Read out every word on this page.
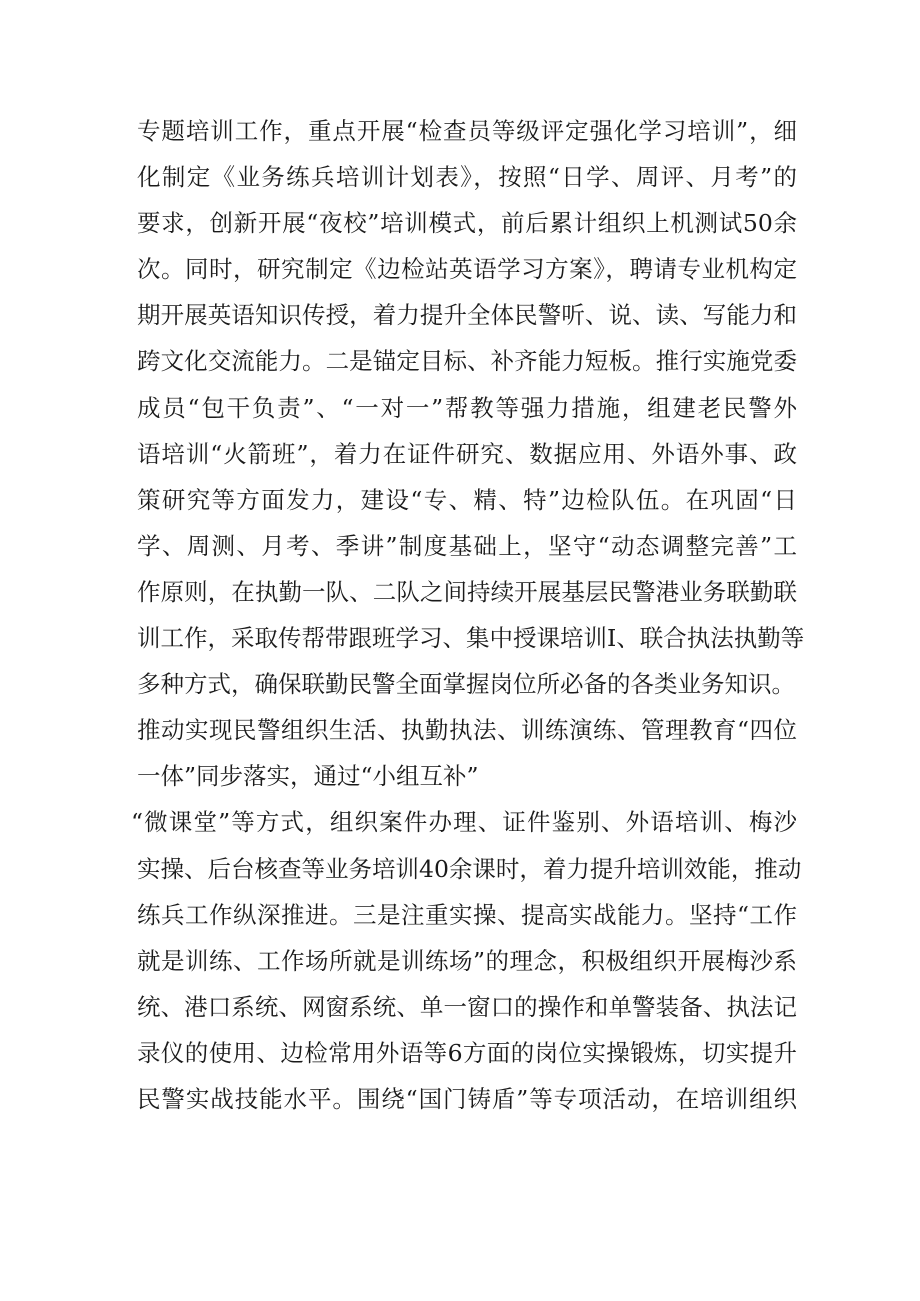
专题培训工作，重点开展“检查员等级评定强化学习培训”，细
化制定《业务练兵培训计划表》，按照“日学、周评、月考”的
要求，创新开展“夜校”培训模式，前后累计组织上机测试50余
次。同时，研究制定《边检站英语学习方案》，聘请专业机构定
期开展英语知识传授，着力提升全体民警听、说、读、写能力和
跨文化交流能力。二是锚定目标、补齐能力短板。推行实施党委
成员“包干负责”、“一对一”帮教等强力措施，组建老民警外
语培训“火箭班”，着力在证件研究、数据应用、外语外事、政
策研究等方面发力，建设“专、精、特”边检队伍。在巩固“日
学、周测、月考、季讲”制度基础上，坚守“动态调整完善”工
作原则，在执勤一队、二队之间持续开展基层民警港业务联勤联
训工作，采取传帮带跟班学习、集中授课培训I、联合执法执勤等
多种方式，确保联勤民警全面掌握岗位所必备的各类业务知识。
推动实现民警组织生活、执勤执法、训练演练、管理教育“四位
一体”同步落实，通过“小组互补”
“微课堂”等方式，组织案件办理、证件鉴别、外语培训、梅沙
实操、后台核查等业务培训40余课时，着力提升培训效能，推动
练兵工作纵深推进。三是注重实操、提高实战能力。坚持“工作
就是训练、工作场所就是训练场”的理念，积极组织开展梅沙系
统、港口系统、网窗系统、单一窗口的操作和单警装备、执法记
录仪的使用、边检常用外语等6方面的岗位实操锻炼，切实提升
民警实战技能水平。围绕“国门铸盾”等专项活动，在培训组织
